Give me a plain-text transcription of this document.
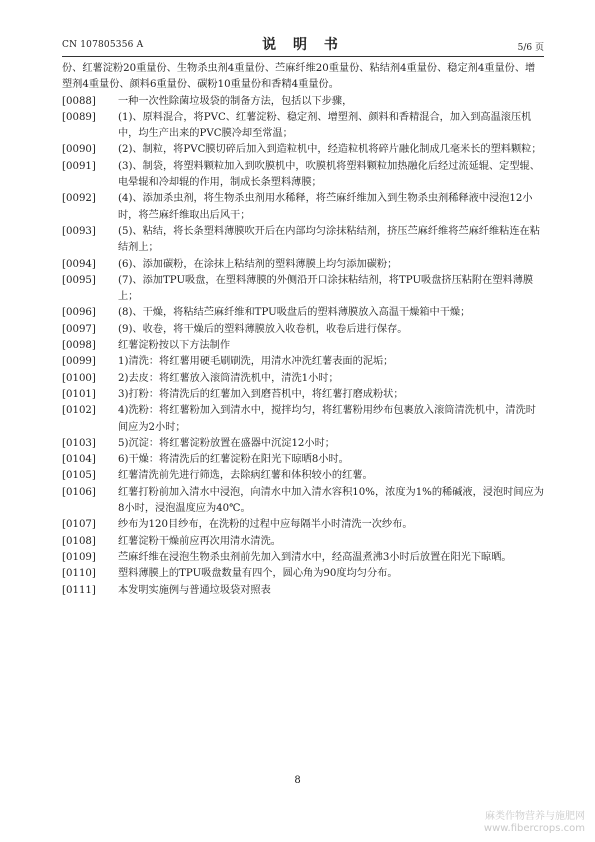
CN 107805356 A	说 明 书	5/6 页

份、红薯淀粉20重量份、生物杀虫剂4重量份、苎麻纤维20重量份、粘结剂4重量份、稳定剂4重量份、增塑剂4重量份、颜料6重量份、碳粉10重量份和香精4重量份。

[0088]	一种一次性除菌垃圾袋的制备方法，包括以下步骤，

[0089]	(1)、原料混合，将PVC、红薯淀粉、稳定剂、增塑剂、颜料和香精混合，加入到高温滚压机中，均生产出来的PVC膜冷却至常温；

[0090]	(2)、制粒，将PVC膜切碎后加入到造粒机中，经造粒机将碎片融化制成几毫米长的塑料颗粒；

[0091]	(3)、制袋，将塑料颗粒加入到吹膜机中，吹膜机将塑料颗粒加热融化后经过流延辊、定型辊、电晕辊和冷却辊的作用，制成长条塑料薄膜；

[0092]	(4)、添加杀虫剂，将生物杀虫剂用水稀释，将苎麻纤维加入到生物杀虫剂稀释液中浸泡12小时，将苎麻纤维取出后风干；

[0093]	(5)、粘结，将长条塑料薄膜吹开后在内部均匀涂抹粘结剂，挤压苎麻纤维将苎麻纤维粘连在粘结剂上；

[0094]	(6)、添加碳粉，在涂抹上粘结剂的塑料薄膜上均匀添加碳粉；

[0095]	(7)、添加TPU吸盘，在塑料薄膜的外侧沿开口涂抹粘结剂，将TPU吸盘挤压粘附在塑料薄膜上；

[0096]	(8)、干燥，将粘结苎麻纤维和TPU吸盘后的塑料薄膜放入高温干燥箱中干燥；

[0097]	(9)、收卷，将干燥后的塑料薄膜放入收卷机，收卷后进行保存。

[0098]	红薯淀粉按以下方法制作

[0099]	1)清洗：将红薯用硬毛刷刷洗，用清水冲洗红薯表面的泥垢；

[0100]	2)去皮：将红薯放入滚筒清洗机中，清洗1小时；

[0101]	3)打粉：将清洗后的红薯加入到磨苔机中，将红薯打磨成粉状；

[0102]	4)洗粉：将红薯粉加入到清水中，搅拌均匀，将红薯粉用纱布包裹放入滚筒清洗机中，清洗时间应为2小时；

[0103]	5)沉淀：将红薯淀粉放置在盛器中沉淀12小时；

[0104]	6)干燥：将清洗后的红薯淀粉在阳光下晾晒8小时。

[0105]	红薯清洗前先进行筛选，去除病红薯和体积较小的红薯。

[0106]	红薯打粉前加入清水中浸泡，向清水中加入清水容积10%，浓度为1%的稀碱液，浸泡时间应为8小时，浸泡温度应为40℃。

[0107]	纱布为120目纱布，在洗粉的过程中应每隔半小时清洗一次纱布。

[0108]	红薯淀粉干燥前应再次用清水清洗。

[0109]	苎麻纤维在浸泡生物杀虫剂前先加入到清水中，经高温煮沸3小时后放置在阳光下晾晒。

[0110]	塑料薄膜上的TPU吸盘数量有四个，圆心角为90度均匀分布。

[0111]	本发明实施例与普通垃圾袋对照表

8
麻类作物营养与施肥网
www.fibercrops.com
